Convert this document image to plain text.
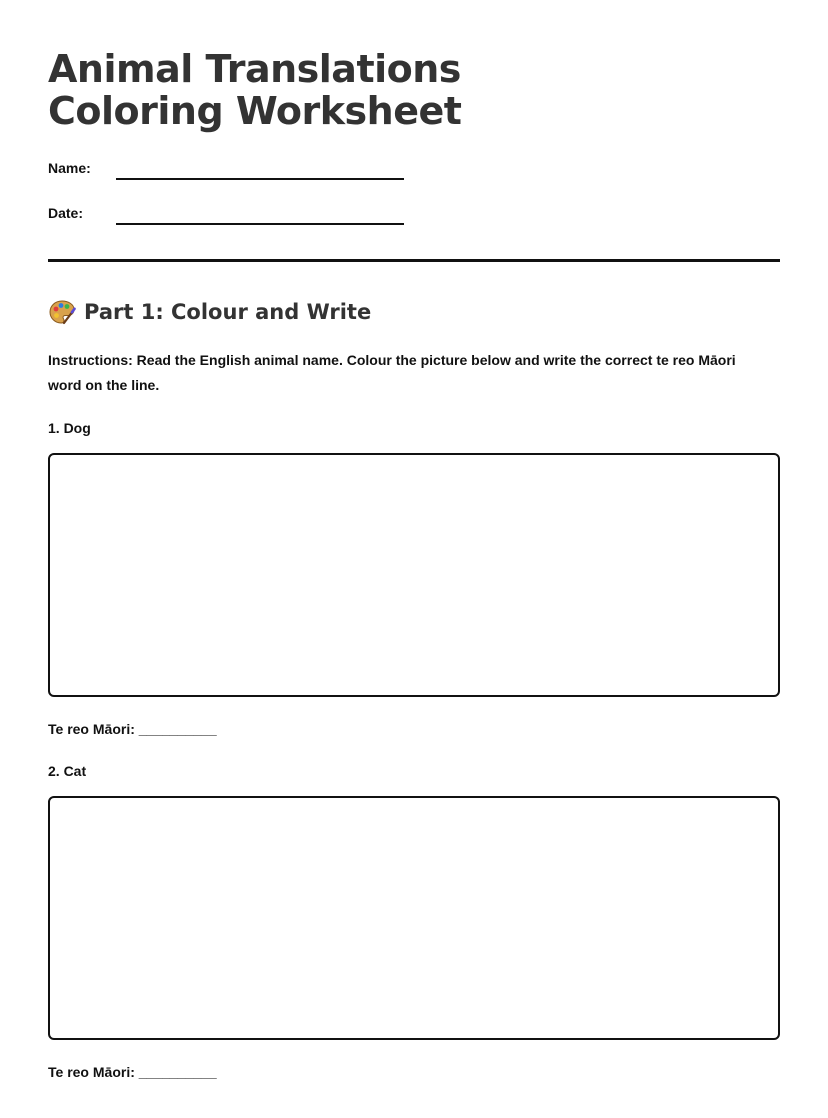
Animal Translations Coloring Worksheet
Name:
Date:
Part 1: Colour and Write
Instructions: Read the English animal name. Colour the picture below and write the correct te reo Māori word on the line.
1. Dog
Te reo Māori: __________
2. Cat
Te reo Māori: __________
